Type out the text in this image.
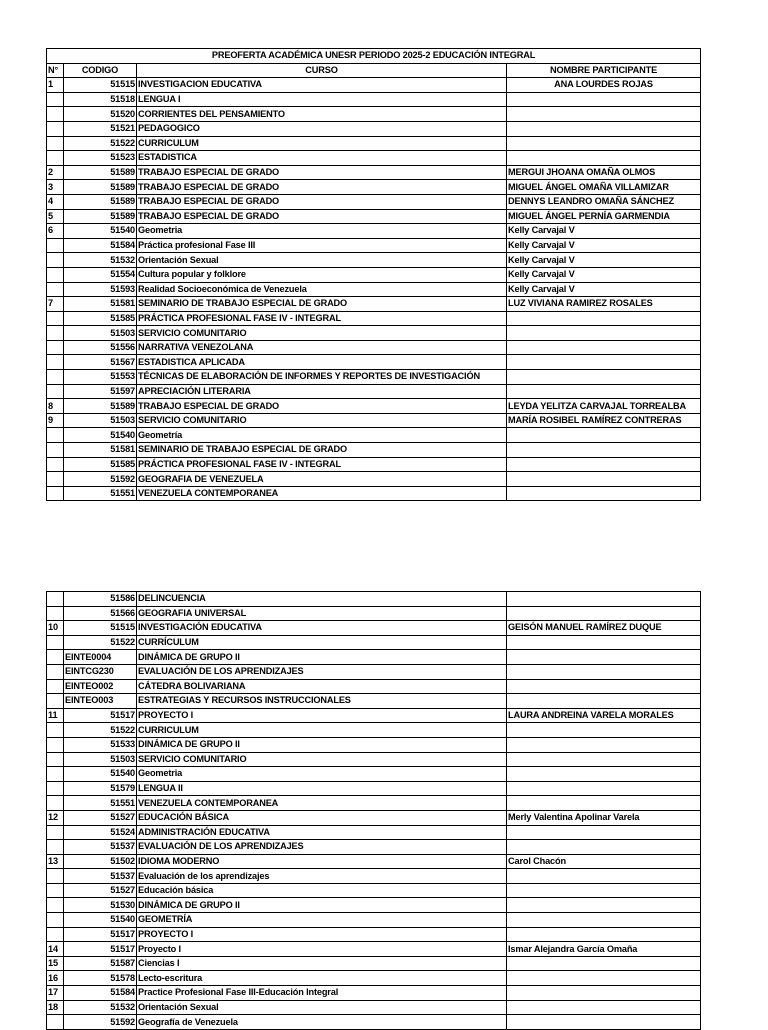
PREOFERTA ACADÉMICA UNESR PERIODO 2025-2 EDUCACIÓN INTEGRAL			
N°	CODIGO	CURSO	NOMBRE PARTICIPANTE
1	51515	INVESTIGACION EDUCATIVA	ANA LOURDES ROJAS
	51518	LENGUA I	
	51520	CORRIENTES DEL PENSAMIENTO	
	51521	PEDAGOGICO	
	51522	CURRICULUM	
	51523	ESTADISTICA	
2	51589	TRABAJO ESPECIAL DE GRADO	MERGUI JHOANA OMAÑA OLMOS
3	51589	TRABAJO ESPECIAL DE GRADO	MIGUEL ÁNGEL OMAÑA VILLAMIZAR
4	51589	TRABAJO ESPECIAL DE GRADO	DENNYS LEANDRO OMAÑA SÁNCHEZ
5	51589	TRABAJO ESPECIAL DE GRADO	MIGUEL ÁNGEL PERNÍA GARMENDIA
6	51540	Geometria	Kelly Carvajal V
	51584	Práctica profesional Fase III	Kelly Carvajal V
	51532	Orientación Sexual	Kelly Carvajal V
	51554	Cultura popular y folklore	Kelly Carvajal V
	51593	Realidad Socioeconómica de Venezuela	Kelly Carvajal V
7	51581	SEMINARIO DE TRABAJO ESPECIAL DE GRADO	LUZ VIVIANA RAMIREZ ROSALES
	51585	PRÁCTICA PROFESIONAL FASE IV - INTEGRAL	
	51503	SERVICIO COMUNITARIO	
	51556	NARRATIVA VENEZOLANA	
	51567	ESTADISTICA APLICADA	
	51553	TÉCNICAS DE ELABORACIÓN DE INFORMES Y REPORTES DE INVESTIGACIÓN	
	51597	APRECIACIÓN LITERARIA	
8	51589	TRABAJO ESPECIAL DE GRADO	LEYDA YELITZA CARVAJAL TORREALBA
9	51503	SERVICIO COMUNITARIO	MARÍA ROSIBEL RAMÍREZ CONTRERAS
	51540	Geometría	
	51581	SEMINARIO DE TRABAJO ESPECIAL DE GRADO	
	51585	PRÁCTICA PROFESIONAL FASE IV - INTEGRAL	
	51592	GEOGRAFIA DE VENEZUELA	
	51551	VENEZUELA CONTEMPORANEA	
	51586	DELINCUENCIA	
	51566	GEOGRAFIA UNIVERSAL	
10	51515	INVESTIGACIÓN EDUCATIVA	GEISÓN MANUEL RAMÍREZ DUQUE
	51522	CURRÍCULUM	
	EINTE0004	DINÁMICA DE GRUPO II	
	EINTCG230	EVALUACIÓN DE LOS APRENDIZAJES	
	EINTEO002	CÁTEDRA BOLIVARIANA	
	EINTEO003	ESTRATEGIAS Y RECURSOS INSTRUCCIONALES	
11	51517	PROYECTO I	LAURA ANDREINA VARELA MORALES
	51522	CURRICULUM	
	51533	DINÁMICA DE GRUPO II	
	51503	SERVICIO COMUNITARIO	
	51540	Geometria	
	51579	LENGUA II	
	51551	VENEZUELA CONTEMPORANEA	
12	51527	EDUCACIÓN BÁSICA	Merly Valentina Apolinar Varela
	51524	ADMINISTRACIÓN EDUCATIVA	
	51537	EVALUACIÓN DE LOS APRENDIZAJES	
13	51502	IDIOMA MODERNO	Carol Chacón
	51537	Evaluación de los aprendizajes	
	51527	Educación básica	
	51530	DINÁMICA DE GRUPO II	
	51540	GEOMETRÍA	
	51517	PROYECTO I	
14	51517	Proyecto I	Ismar Alejandra García Omaña
15	51587	Ciencias I	
16	51578	Lecto-escritura	
17	51584	Practice Profesional Fase III-Educación Integral	
18	51532	Orientación Sexual	
	51592	Geografía de Venezuela	
